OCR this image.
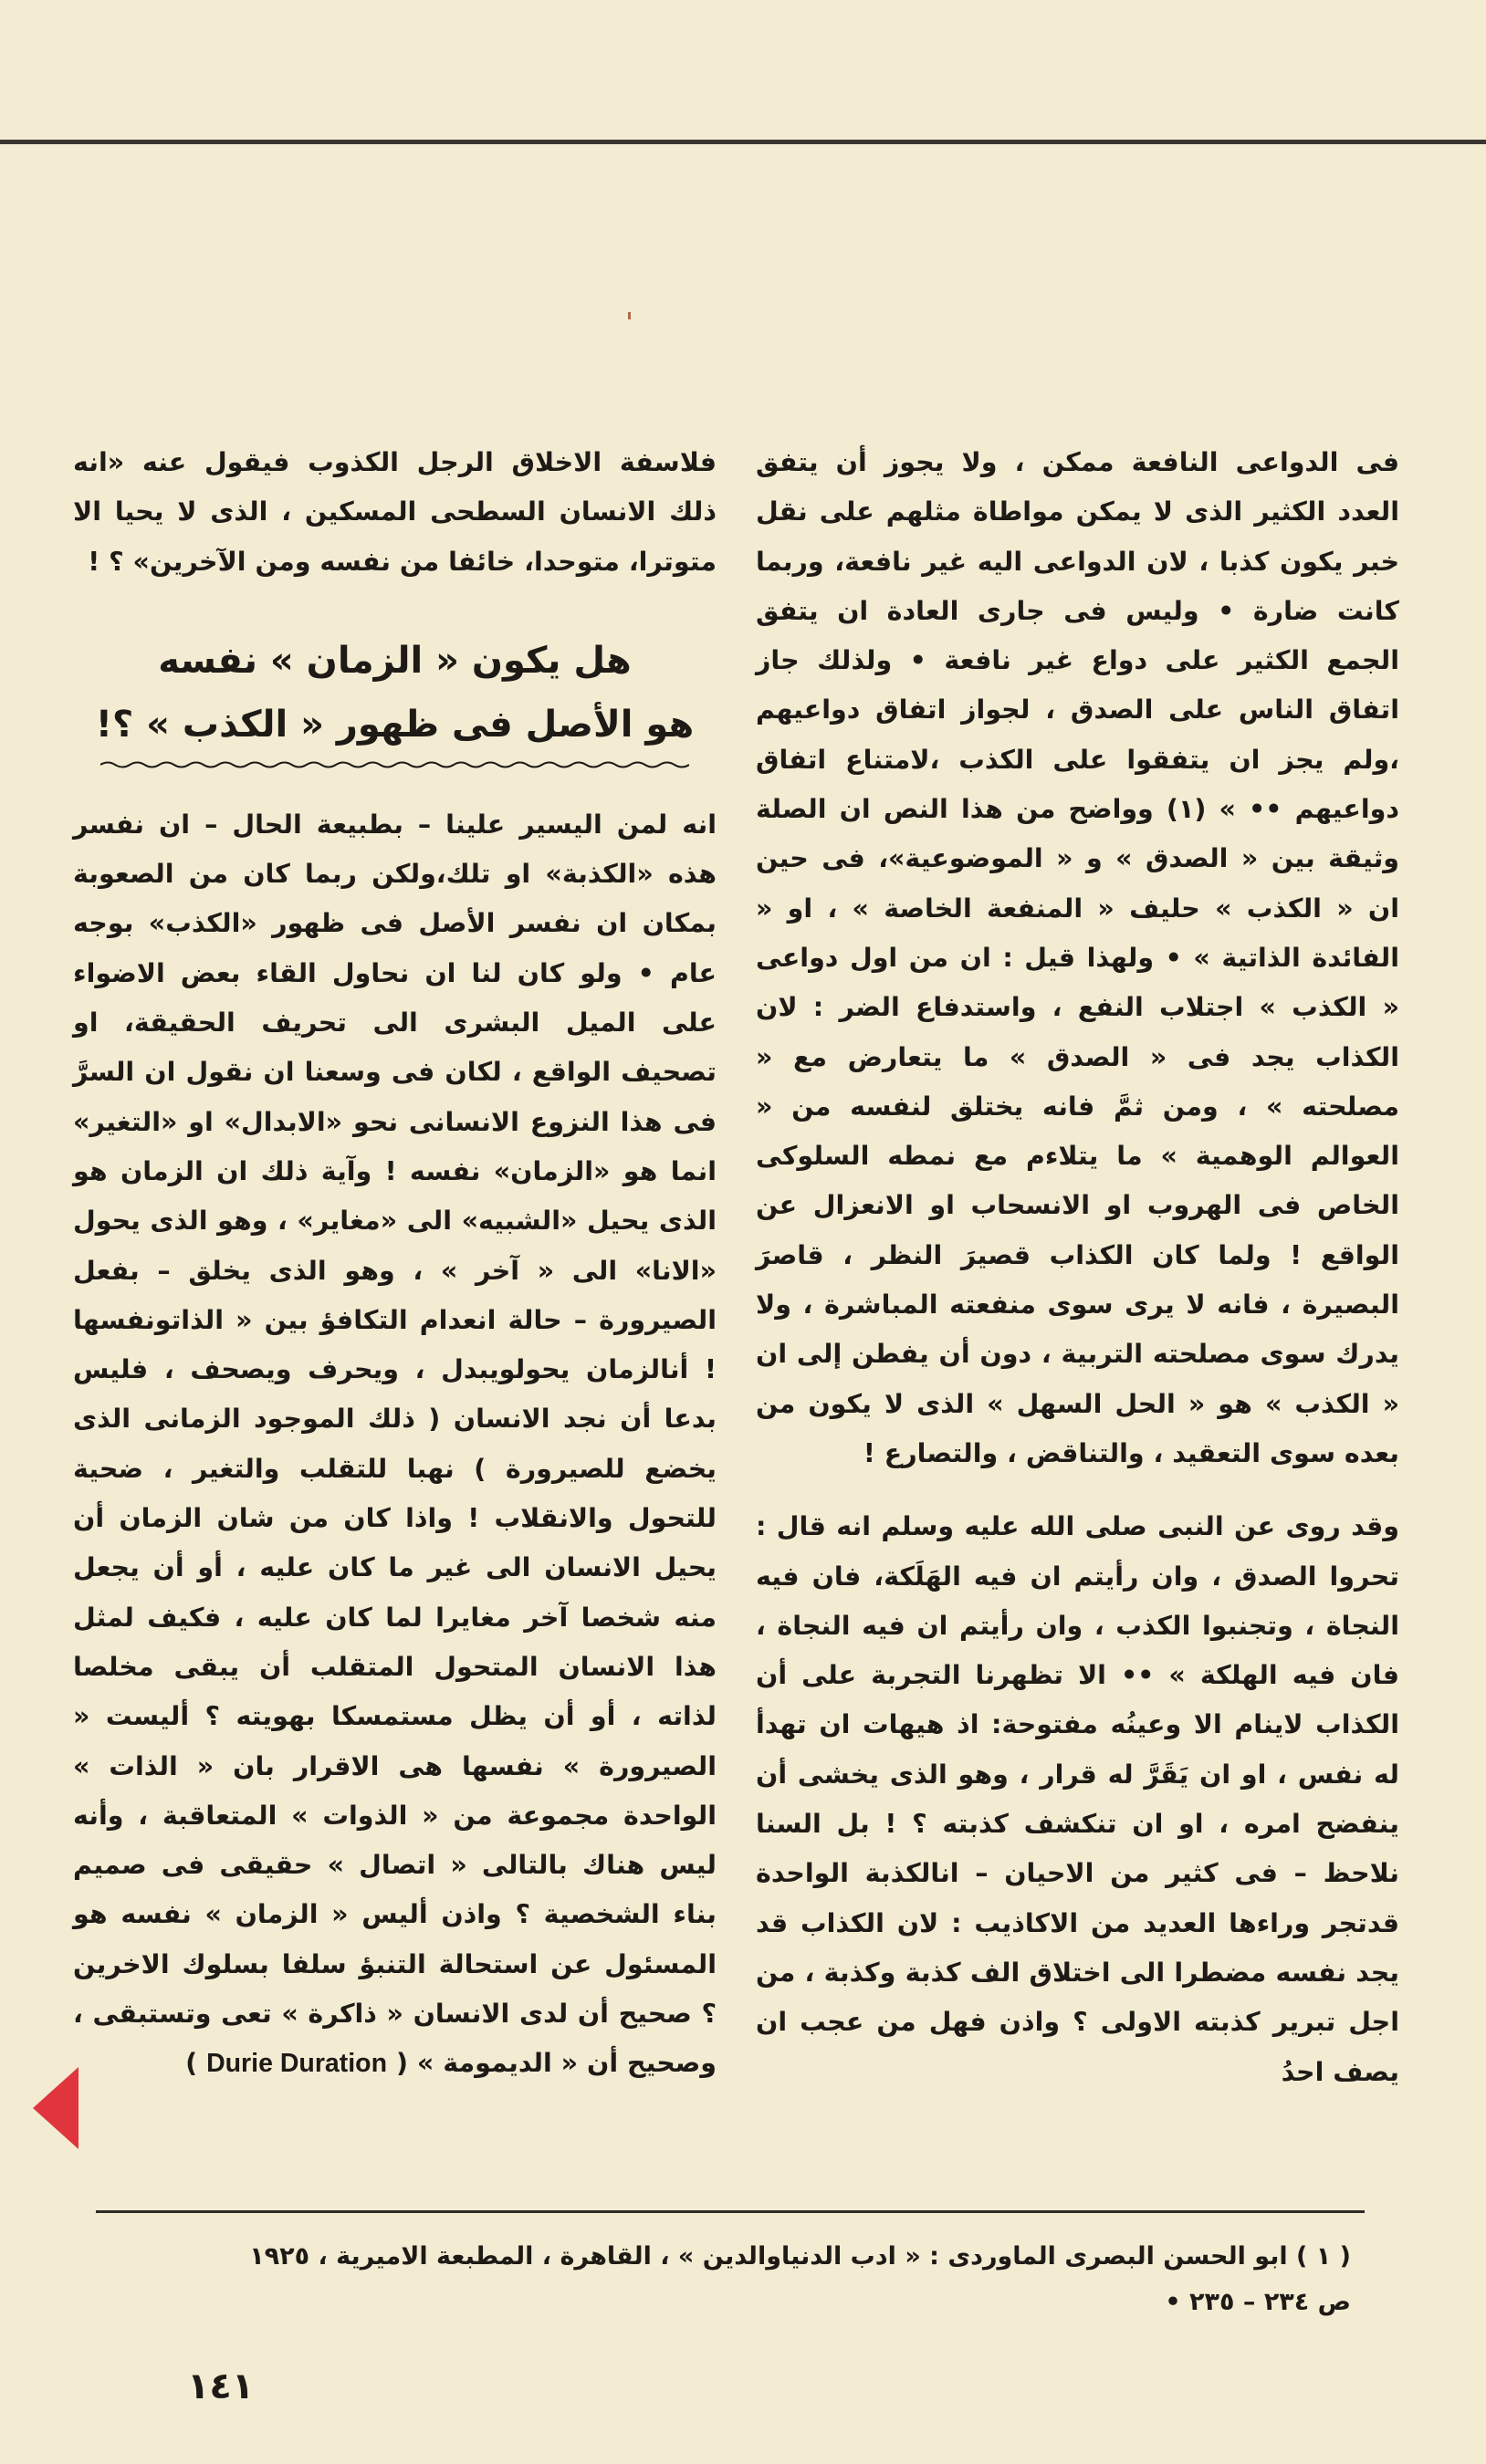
فى الدواعى النافعة ممكن ، ولا يجوز أن يتفق العدد الكثير الذى لا يمكن مواطاة مثلهم على نقل خبر يكون كذبا ، لان الدواعى اليه غير نافعة، وربما كانت ضارة • وليس فى جارى العادة ان يتفق الجمع الكثير على دواع غير نافعة • ولذلك جاز اتفاق الناس على الصدق ، لجواز اتفاق دواعيهم ،ولم يجز ان يتفقوا على الكذب ،لامتناع اتفاق دواعيهم •• » (١) وواضح من هذا النص ان الصلة وثيقة بين « الصدق » و « الموضوعية»، فى حين ان « الكذب » حليف « المنفعة الخاصة » ، او « الفائدة الذاتية » • ولهذا قيل : ان من اول دواعى « الكذب » اجتلاب النفع ، واستدفاع الضر : لان الكذاب يجد فى « الصدق » ما يتعارض مع « مصلحته » ، ومن ثمَّ فانه يختلق لنفسه من « العوالم الوهمية » ما يتلاءم مع نمطه السلوكى الخاص فى الهروب او الانسحاب او الانعزال عن الواقع ! ولما كان الكذاب قصيرَ النظر ، قاصرَ البصيرة ، فانه لا يرى سوى منفعته المباشرة ، ولا يدرك سوى مصلحته التربية ، دون أن يفطن إلى ان « الكذب » هو « الحل السهل » الذى لا يكون من بعده سوى التعقيد ، والتناقض ، والتصارع !

وقد روى عن النبى صلى الله عليه وسلم انه قال : تحروا الصدق ، وان رأيتم ان فيه الهَلَكة، فان فيه النجاة ، وتجنبوا الكذب ، وان رأيتم ان فيه النجاة ، فان فيه الهلكة » •• الا تظهرنا التجربة على أن الكذاب لاينام الا وعينُه مفتوحة: اذ هيهات ان تهدأ له نفس ، او ان يَقَرَّ له قرار ، وهو الذى يخشى أن ينفضح امره ، او ان تنكشف كذبته ؟ ! بل السنا نلاحظ – فى كثير من الاحيان – انالكذبة الواحدة قدتجر وراءها العديد من الاكاذيب : لان الكذاب قد يجد نفسه مضطرا الى اختلاق الف كذبة وكذبة ، من اجل تبرير كذبته الاولى ؟ واذن فهل من عجب ان يصف احدُ

فلاسفة الاخلاق الرجل الكذوب فيقول عنه «انه ذلك الانسان السطحى المسكين ، الذى لا يحيا الا متوترا، متوحدا، خائفا من نفسه ومن الآخرين» ؟ !

هل يكون « الزمان » نفسه
هو الأصل فى ظهور « الكذب » ؟!

انه لمن اليسير علينا – بطبيعة الحال – ان نفسر هذه «الكذبة» او تلك،ولكن ربما كان من الصعوبة بمكان ان نفسر الأصل فى ظهور «الكذب» بوجه عام • ولو كان لنا ان نحاول القاء بعض الاضواء على الميل البشرى الى تحريف الحقيقة، او تصحيف الواقع ، لكان فى وسعنا ان نقول ان السرَّ فى هذا النزوع الانسانى نحو «الابدال» او «التغير» انما هو «الزمان» نفسه ! وآية ذلك ان الزمان هو الذى يحيل «الشبيه» الى «مغاير» ، وهو الذى يحول «الانا» الى « آخر » ، وهو الذى يخلق – بفعل الصيرورة – حالة انعدام التكافؤ بين « الذاتونفسها ! أنالزمان يحولويبدل ، ويحرف ويصحف ، فليس بدعا أن نجد الانسان ( ذلك الموجود الزمانى الذى يخضع للصيرورة ) نهبا للتقلب والتغير ، ضحية للتحول والانقلاب ! واذا كان من شان الزمان أن يحيل الانسان الى غير ما كان عليه ، أو أن يجعل منه شخصا آخر مغايرا لما كان عليه ، فكيف لمثل هذا الانسان المتحول المتقلب أن يبقى مخلصا لذاته ، أو أن يظل مستمسكا بهويته ؟ أليست « الصيرورة » نفسها هى الاقرار بان « الذات » الواحدة مجموعة من « الذوات » المتعاقبة ، وأنه ليس هناك بالتالى « اتصال » حقيقى فى صميم بناء الشخصية ؟ واذن أليس « الزمان » نفسه هو المسئول عن استحالة التنبؤ سلفا بسلوك الاخرين ؟ صحيح أن لدى الانسان « ذاكرة » تعى وتستبقى ، وصحيح أن « الديمومة » ( Durie Duration )

( ١ ) ابو الحسن البصرى الماوردى : « ادب الدنياوالدين » ، القاهرة ، المطبعة الاميرية ، ١٩٢٥
ص ٢٣٤ – ٢٣٥ •
١٤١
